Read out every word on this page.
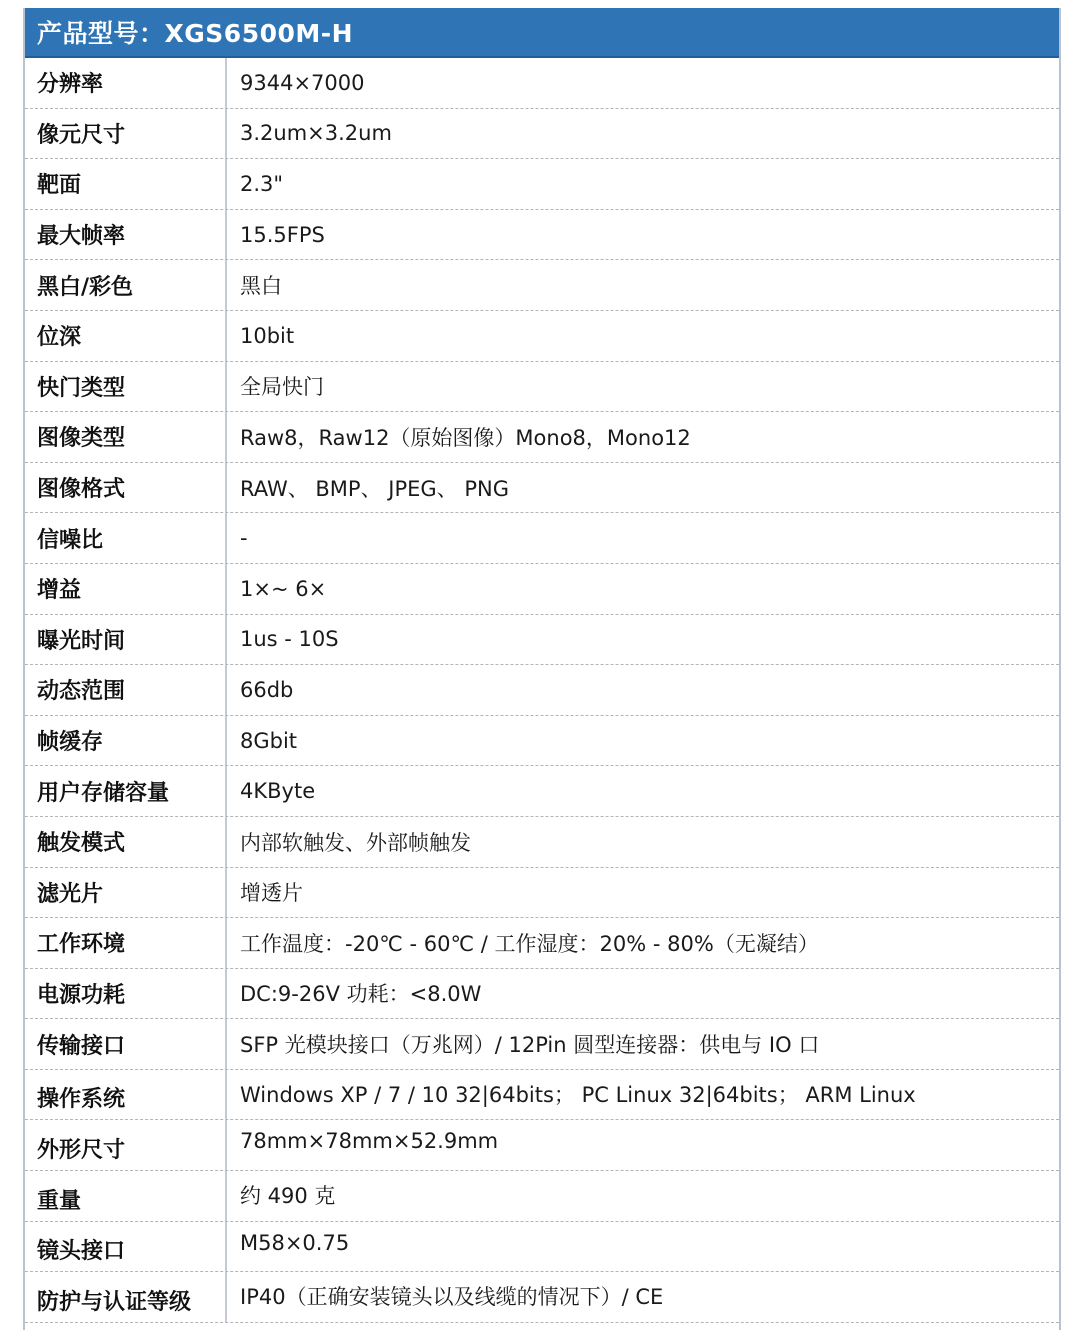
产品型号：XGS6500M-H
分辨率	9344×7000
像元尺寸	3.2um×3.2um
靶面	2.3"
最大帧率	15.5FPS
黑白/彩色	黑白
位深	10bit
快门类型	全局快门
图像类型	Raw8，Raw12（原始图像）Mono8，Mono12
图像格式	RAW、 BMP、 JPEG、 PNG
信噪比	-
增益	1×~ 6×
曝光时间	1us - 10S
动态范围	66db
帧缓存	8Gbit
用户存储容量	4KByte
触发模式	内部软触发、外部帧触发
滤光片	增透片
工作环境	工作温度：-20℃ - 60℃ / 工作湿度：20% - 80%（无凝结）
电源功耗	DC:9-26V 功耗：<8.0W
传输接口	SFP 光模块接口（万兆网）/ 12Pin 圆型连接器：供电与 IO 口
操作系统	Windows XP / 7 / 10 32|64bits； PC Linux 32|64bits； ARM Linux
外形尺寸	78mm×78mm×52.9mm
重量	约 490 克
镜头接口	M58×0.75
防护与认证等级	IP40（正确安装镜头以及线缆的情况下）/ CE
